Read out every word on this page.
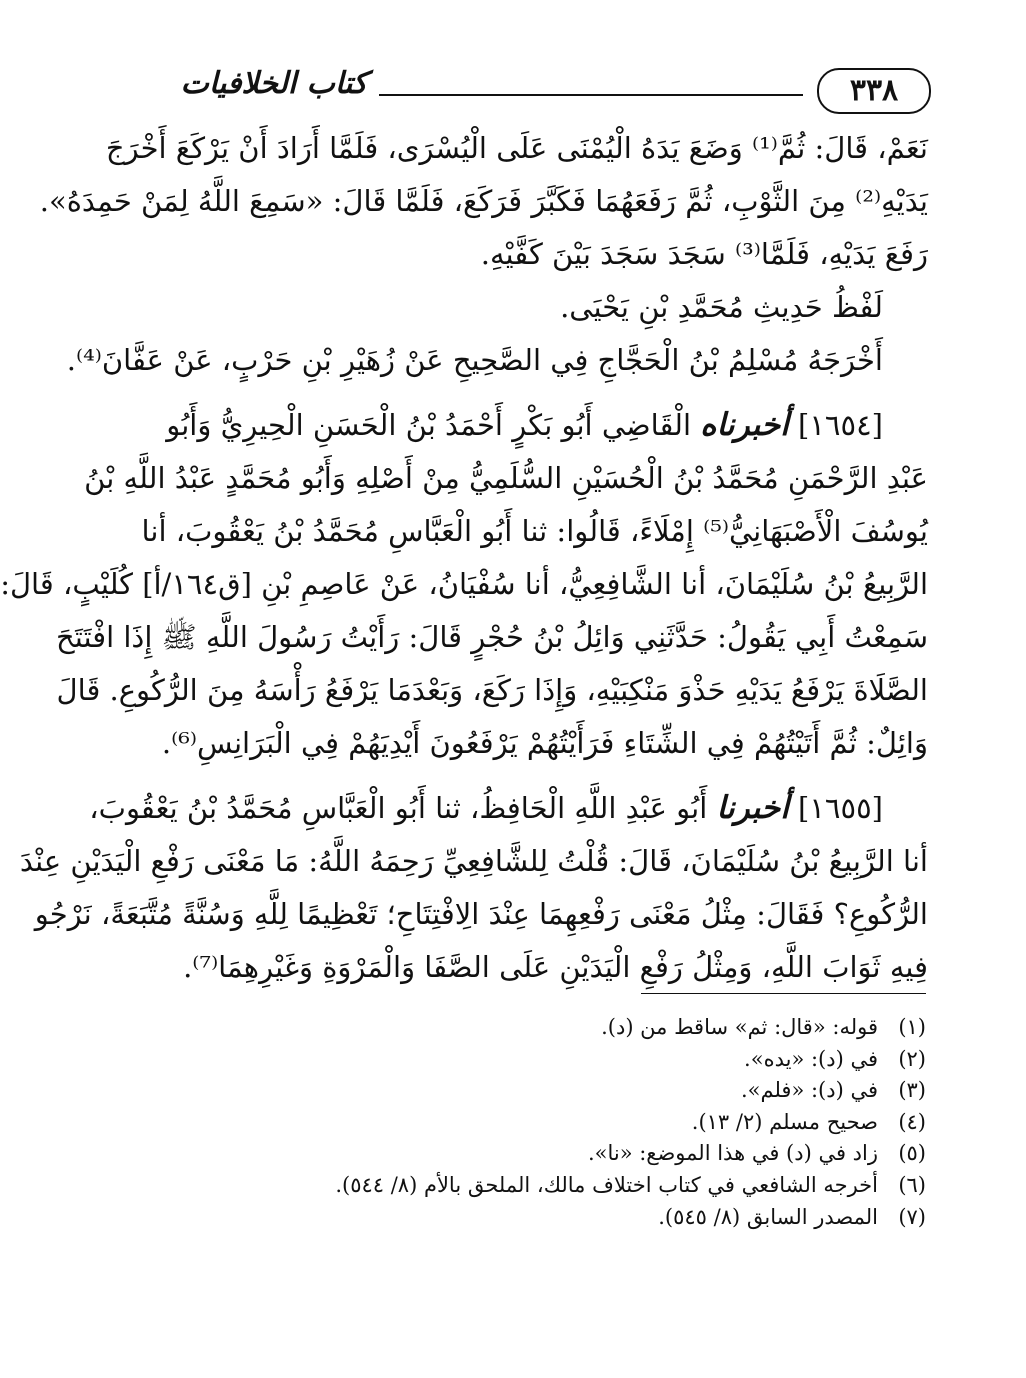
٣٣٨
كتاب الخلافيات
نَعَمْ، قَالَ: ثُمَّ⁽¹⁾ وَضَعَ يَدَهُ الْيُمْنَى عَلَى الْيُسْرَى، فَلَمَّا أَرَادَ أَنْ يَرْكَعَ أَخْرَجَ
يَدَيْهِ⁽²⁾ مِنَ الثَّوْبِ، ثُمَّ رَفَعَهُمَا فَكَبَّرَ فَرَكَعَ، فَلَمَّا قَالَ: «سَمِعَ اللَّهُ لِمَنْ حَمِدَهُ».
رَفَعَ يَدَيْهِ، فَلَمَّا⁽³⁾ سَجَدَ سَجَدَ بَيْنَ كَفَّيْهِ.
لَفْظُ حَدِيثِ مُحَمَّدِ بْنِ يَحْيَى.
أَخْرَجَهُ مُسْلِمُ بْنُ الْحَجَّاجِ فِي الصَّحِيحِ عَنْ زُهَيْرِ بْنِ حَرْبٍ، عَنْ عَفَّانَ⁽⁴⁾.
[١٦٥٤] أخبرناه الْقَاضِي أَبُو بَكْرٍ أَحْمَدُ بْنُ الْحَسَنِ الْحِيرِيُّ وَأَبُو
عَبْدِ الرَّحْمَنِ مُحَمَّدُ بْنُ الْحُسَيْنِ السُّلَمِيُّ مِنْ أَصْلِهِ وَأَبُو مُحَمَّدٍ عَبْدُ اللَّهِ بْنُ
يُوسُفَ الْأَصْبَهَانِيُّ⁽⁵⁾ إِمْلَاءً، قَالُوا: ثنا أَبُو الْعَبَّاسِ مُحَمَّدُ بْنُ يَعْقُوبَ، أنا
الرَّبِيعُ بْنُ سُلَيْمَانَ، أنا الشَّافِعِيُّ، أنا سُفْيَانُ، عَنْ عَاصِمِ بْنِ [ق١٦٤/أ] كُلَيْبٍ، قَالَ:
سَمِعْتُ أَبِي يَقُولُ: حَدَّثَنِي وَائِلُ بْنُ حُجْرٍ قَالَ: رَأَيْتُ رَسُولَ اللَّهِ ﷺ إِذَا افْتَتَحَ
الصَّلَاةَ يَرْفَعُ يَدَيْهِ حَذْوَ مَنْكِبَيْهِ، وَإِذَا رَكَعَ، وَبَعْدَمَا يَرْفَعُ رَأْسَهُ مِنَ الرُّكُوعِ. قَالَ
وَائِلٌ: ثُمَّ أَتَيْتُهُمْ فِي الشِّتَاءِ فَرَأَيْتُهُمْ يَرْفَعُونَ أَيْدِيَهُمْ فِي الْبَرَانِسِ⁽⁶⁾.
[١٦٥٥] أخبرنا أَبُو عَبْدِ اللَّهِ الْحَافِظُ، ثنا أَبُو الْعَبَّاسِ مُحَمَّدُ بْنُ يَعْقُوبَ،
أنا الرَّبِيعُ بْنُ سُلَيْمَانَ، قَالَ: قُلْتُ لِلشَّافِعِيِّ رَحِمَهُ اللَّهُ: مَا مَعْنَى رَفْعِ الْيَدَيْنِ عِنْدَ
الرُّكُوعِ؟ فَقَالَ: مِثْلُ مَعْنَى رَفْعِهِمَا عِنْدَ الِافْتِتَاحِ؛ تَعْظِيمًا لِلَّهِ وَسُنَّةً مُتَّبَعَةً، نَرْجُو
فِيهِ ثَوَابَ اللَّهِ، وَمِثْلُ رَفْعِ الْيَدَيْنِ عَلَى الصَّفَا وَالْمَرْوَةِ وَغَيْرِهِمَا⁽⁷⁾.
(١)قوله: «قال: ثم» ساقط من (د).
(٢)في (د): «يده».
(٣)في (د): «فلم».
(٤)صحيح مسلم (٢/ ١٣).
(٥)زاد في (د) في هذا الموضع: «نا».
(٦)أخرجه الشافعي في كتاب اختلاف مالك، الملحق بالأم (٨/ ٥٤٤).
(٧)المصدر السابق (٨/ ٥٤٥).
